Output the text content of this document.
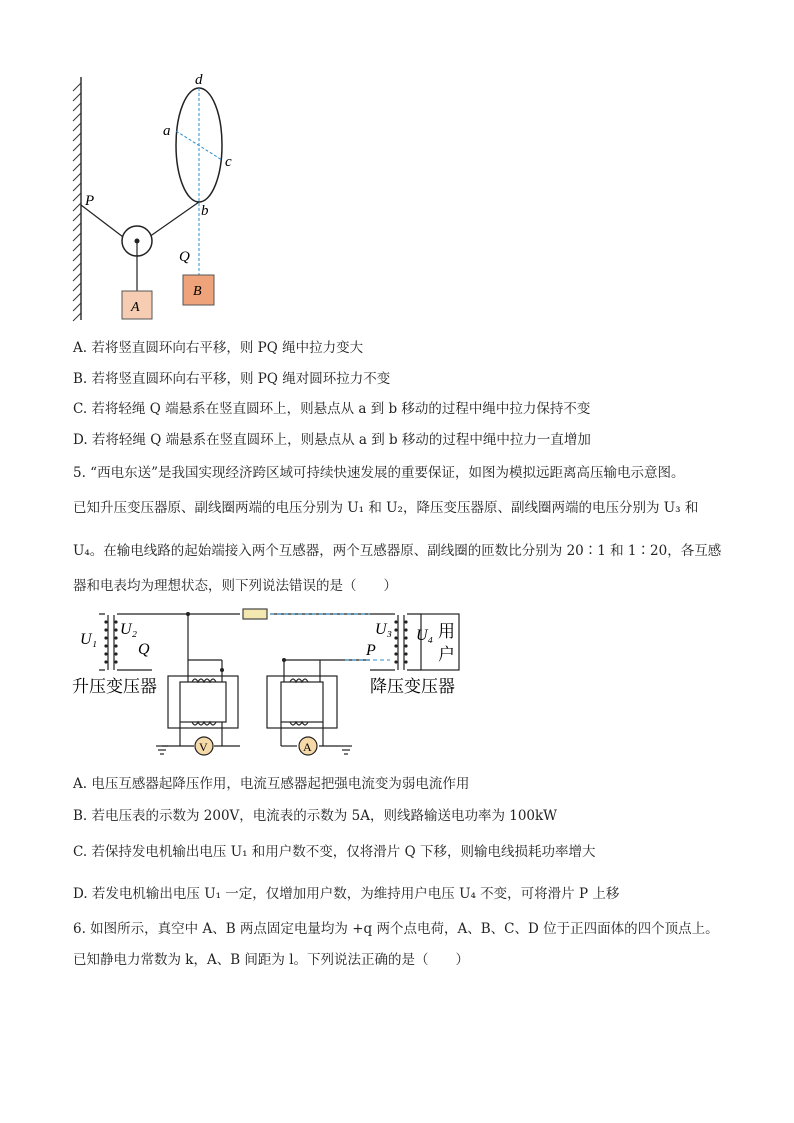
d
a
c
b
P
Q
A
B
A. 若将竖直圆环向右平移，则 PQ 绳中拉力变大
B. 若将竖直圆环向右平移，则 PQ 绳对圆环拉力不变
C. 若将轻绳 Q 端悬系在竖直圆环上，则悬点从 a 到 b 移动的过程中绳中拉力保持不变
D. 若将轻绳 Q 端悬系在竖直圆环上，则悬点从 a 到 b 移动的过程中绳中拉力一直增加
5. “西电东送”是我国实现经济跨区域可持续快速发展的重要保证，如图为模拟远距离高压输电示意图。
已知升压变压器原、副线圈两端的电压分别为 U₁ 和 U₂，降压变压器原、副线圈两端的电压分别为 U₃ 和
U₄。在输电线路的起始端接入两个互感器，两个互感器原、副线圈的匝数比分别为 20∶1 和 1∶20，各互感
器和电表均为理想状态，则下列说法错误的是（　　）
V	A
U₁
U₂
Q
U₃ U₄
P
用
户
升压变压器	降压变压器
A. 电压互感器起降压作用，电流互感器起把强电流变为弱电流作用
B. 若电压表的示数为 200V，电流表的示数为 5A，则线路输送电功率为 100kW
C. 若保持发电机输出电压 U₁ 和用户数不变，仅将滑片 Q 下移，则输电线损耗功率增大
D. 若发电机输出电压 U₁ 一定，仅增加用户数，为维持用户电压 U₄ 不变，可将滑片 P 上移
6. 如图所示，真空中 A、B 两点固定电量均为 +q 两个点电荷，A、B、C、D 位于正四面体的四个顶点上。
已知静电力常数为 k，A、B 间距为 l。下列说法正确的是（　　）
